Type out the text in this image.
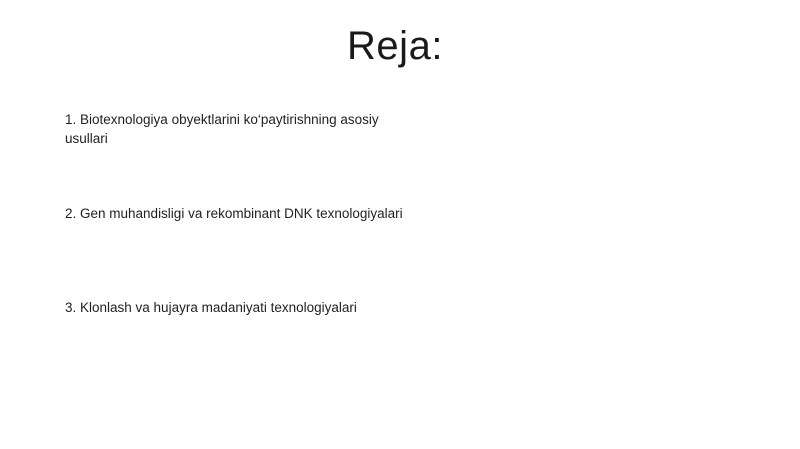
Reja:
1. Biotexnologiya obyektlarini ko‘paytirishning asosiy usullari
2. Gen muhandisligi va rekombinant DNK texnologiyalari
3. Klonlash va hujayra madaniyati texnologiyalari
